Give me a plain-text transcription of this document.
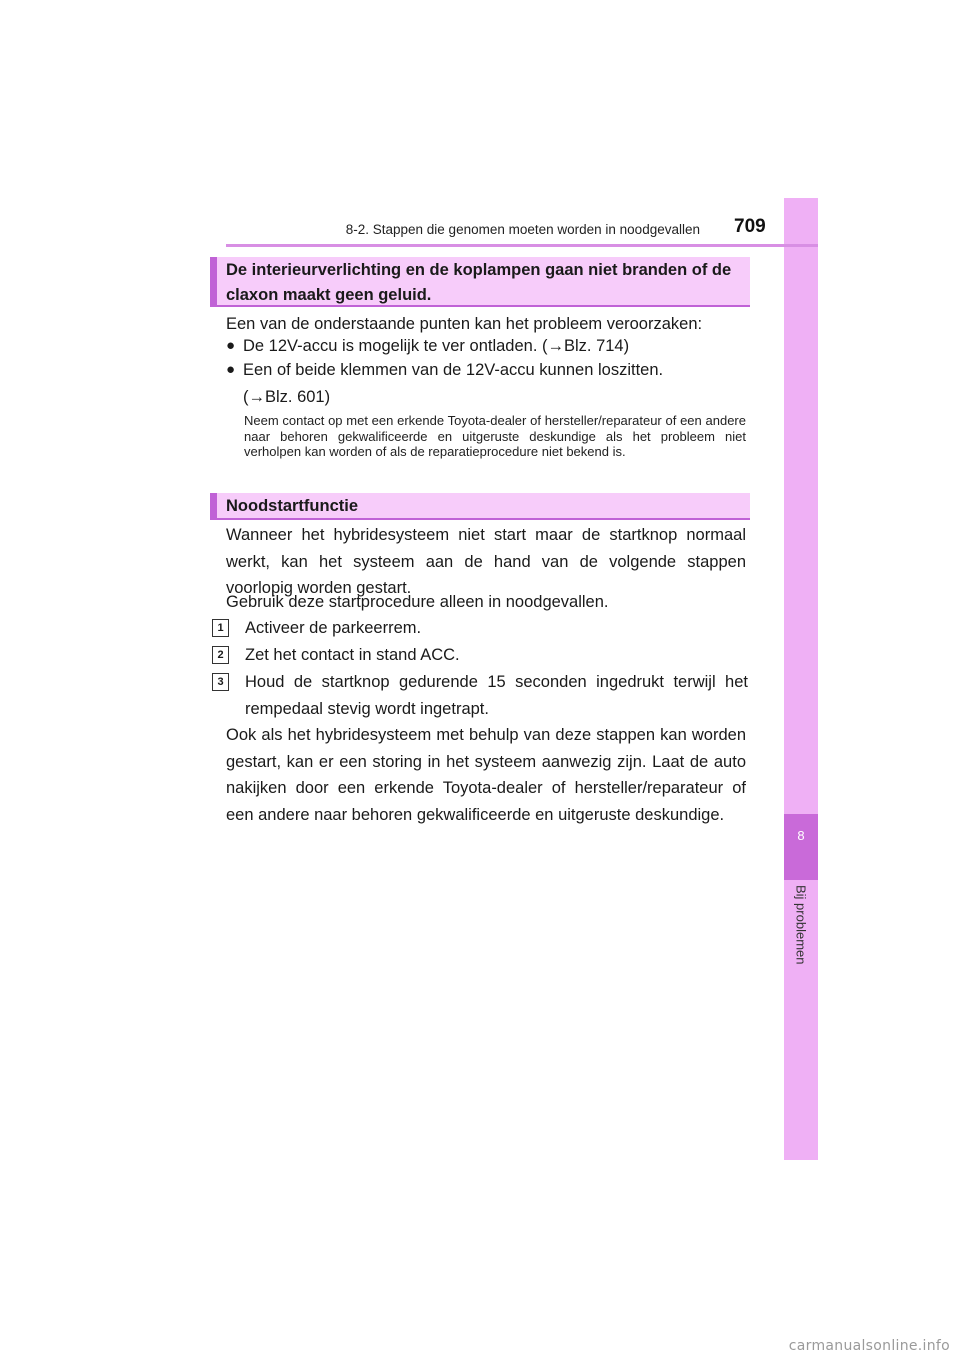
8
Bij problemen
8-2. Stappen die genomen moeten worden in noodgevallen 709
De interieurverlichting en de koplampen gaan niet branden of de claxon maakt geen geluid.

Een van de onderstaande punten kan het probleem veroorzaken:

● De 12V-accu is mogelijk te ver ontladen. (→Blz. 714)
● Een of beide klemmen van de 12V-accu kunnen loszitten.
(→Blz. 601)

Neem contact op met een erkende Toyota-dealer of hersteller/reparateur of een andere naar behoren gekwalificeerde en uitgeruste deskundige als het probleem niet verholpen kan worden of als de reparatieprocedure niet bekend is.

Noodstartfunctie

Wanneer het hybridesysteem niet start maar de startknop normaal werkt, kan het systeem aan de hand van de volgende stappen voorlopig worden gestart.

Gebruik deze startprocedure alleen in noodgevallen.

1	Activeer de parkeerrem.
2	Zet het contact in stand ACC.
3	Houd de startknop gedurende 15 seconden ingedrukt terwijl het rempedaal stevig wordt ingetrapt.

Ook als het hybridesysteem met behulp van deze stappen kan worden gestart, kan er een storing in het systeem aanwezig zijn. Laat de auto nakijken door een erkende Toyota-dealer of hersteller/reparateur of een andere naar behoren gekwalificeerde en uitgeruste deskundige.

carmanualsonline.info
